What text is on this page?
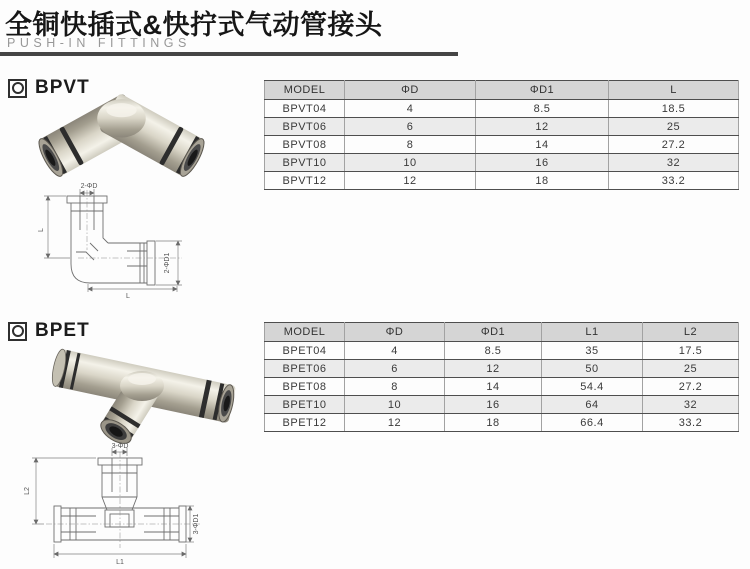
全铜快插式&快拧式气动管接头
PUSH-IN FITTINGS
BPVT
2-ΦD
L
2-ΦD1
L
MODEL	ΦD	ΦD1	L
BPVT04	4	8.5	18.5
BPVT06	6	12	25
BPVT08	8	14	27.2
BPVT10	10	16	32
BPVT12	12	18	33.2
BPET
3-ΦD
L2
3-ΦD1
L1
MODEL	ΦD	ΦD1	L1	L2
BPET04	4	8.5	35	17.5
BPET06	6	12	50	25
BPET08	8	14	54.4	27.2
BPET10	10	16	64	32
BPET12	12	18	66.4	33.2
